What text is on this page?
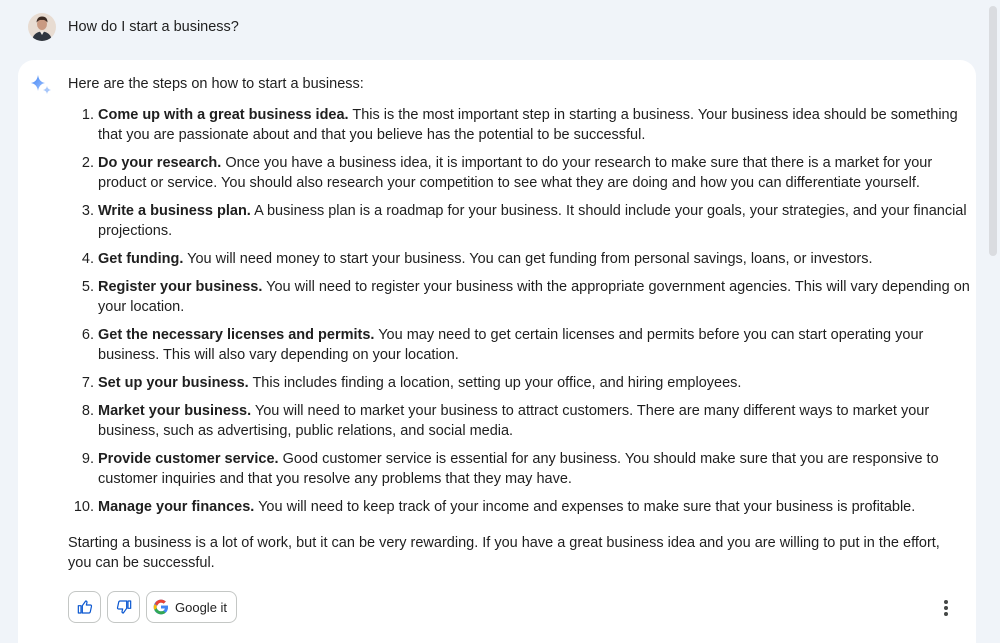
How do I start a business?
Here are the steps on how to start a business:
1. Come up with a great business idea. This is the most important step in starting a business. Your business idea should be something that you are passionate about and that you believe has the potential to be successful.
2. Do your research. Once you have a business idea, it is important to do your research to make sure that there is a market for your product or service. You should also research your competition to see what they are doing and how you can differentiate yourself.
3. Write a business plan. A business plan is a roadmap for your business. It should include your goals, your strategies, and your financial projections.
4. Get funding. You will need money to start your business. You can get funding from personal savings, loans, or investors.
5. Register your business. You will need to register your business with the appropriate government agencies. This will vary depending on your location.
6. Get the necessary licenses and permits. You may need to get certain licenses and permits before you can start operating your business. This will also vary depending on your location.
7. Set up your business. This includes finding a location, setting up your office, and hiring employees.
8. Market your business. You will need to market your business to attract customers. There are many different ways to market your business, such as advertising, public relations, and social media.
9. Provide customer service. Good customer service is essential for any business. You should make sure that you are responsive to customer inquiries and that you resolve any problems that they may have.
10. Manage your finances. You will need to keep track of your income and expenses to make sure that your business is profitable.
Starting a business is a lot of work, but it can be very rewarding. If you have a great business idea and you are willing to put in the effort, you can be successful.
Google it
